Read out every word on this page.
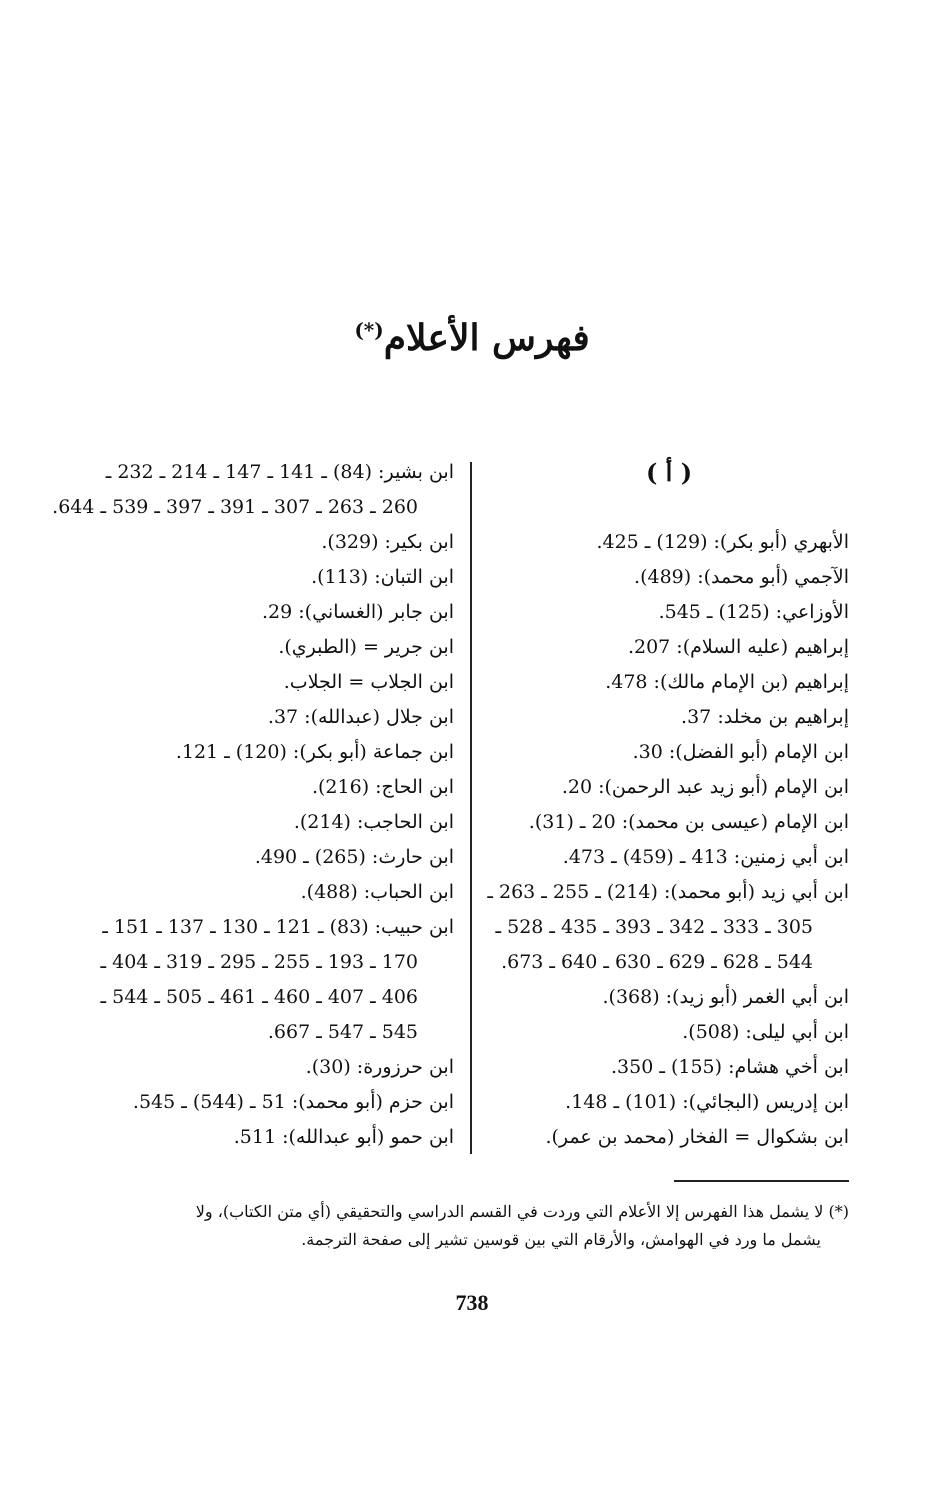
فهرس الأعلام(*)
( أ )
الأبهري (أبو بكر): (129) ـ 425.
الآجمي (أبو محمد): (489).
الأوزاعي: (125) ـ 545.
إبراهيم (عليه السلام): 207.
إبراهيم (بن الإمام مالك): 478.
إبراهيم بن مخلد: 37.
ابن الإمام (أبو الفضل): 30.
ابن الإمام (أبو زيد عبد الرحمن): 20.
ابن الإمام (عيسى بن محمد): 20 ـ (31).
ابن أبي زمنين: 413 ـ (459) ـ 473.
ابن أبي زيد (أبو محمد): (214) ـ 255 ـ 263 ـ
305 ـ 333 ـ 342 ـ 393 ـ 435 ـ 528 ـ
544 ـ 628 ـ 629 ـ 630 ـ 640 ـ 673.
ابن أبي الغمر (أبو زيد): (368).
ابن أبي ليلى: (508).
ابن أخي هشام: (155) ـ 350.
ابن إدريس (البجائي): (101) ـ 148.
ابن بشكوال = الفخار (محمد بن عمر).
ابن بشير: (84) ـ 141 ـ 147 ـ 214 ـ 232 ـ
260 ـ 263 ـ 307 ـ 391 ـ 397 ـ 539 ـ 644.
ابن بكير: (329).
ابن التبان: (113).
ابن جابر (الغساني): 29.
ابن جرير = (الطبري).
ابن الجلاب = الجلاب.
ابن جلال (عبدالله): 37.
ابن جماعة (أبو بكر): (120) ـ 121.
ابن الحاج: (216).
ابن الحاجب: (214).
ابن حارث: (265) ـ 490.
ابن الحباب: (488).
ابن حبيب: (83) ـ 121 ـ 130 ـ 137 ـ 151 ـ
170 ـ 193 ـ 255 ـ 295 ـ 319 ـ 404 ـ
406 ـ 407 ـ 460 ـ 461 ـ 505 ـ 544 ـ
545 ـ 547 ـ 667.
ابن حرزورة: (30).
ابن حزم (أبو محمد): 51 ـ (544) ـ 545.
ابن حمو (أبو عبدالله): 511.
(*) لا يشمل هذا الفهرس إلا الأعلام التي وردت في القسم الدراسي والتحقيقي (أي متن الكتاب)، ولا
يشمل ما ورد في الهوامش، والأرقام التي بين قوسين تشير إلى صفحة الترجمة.
738
